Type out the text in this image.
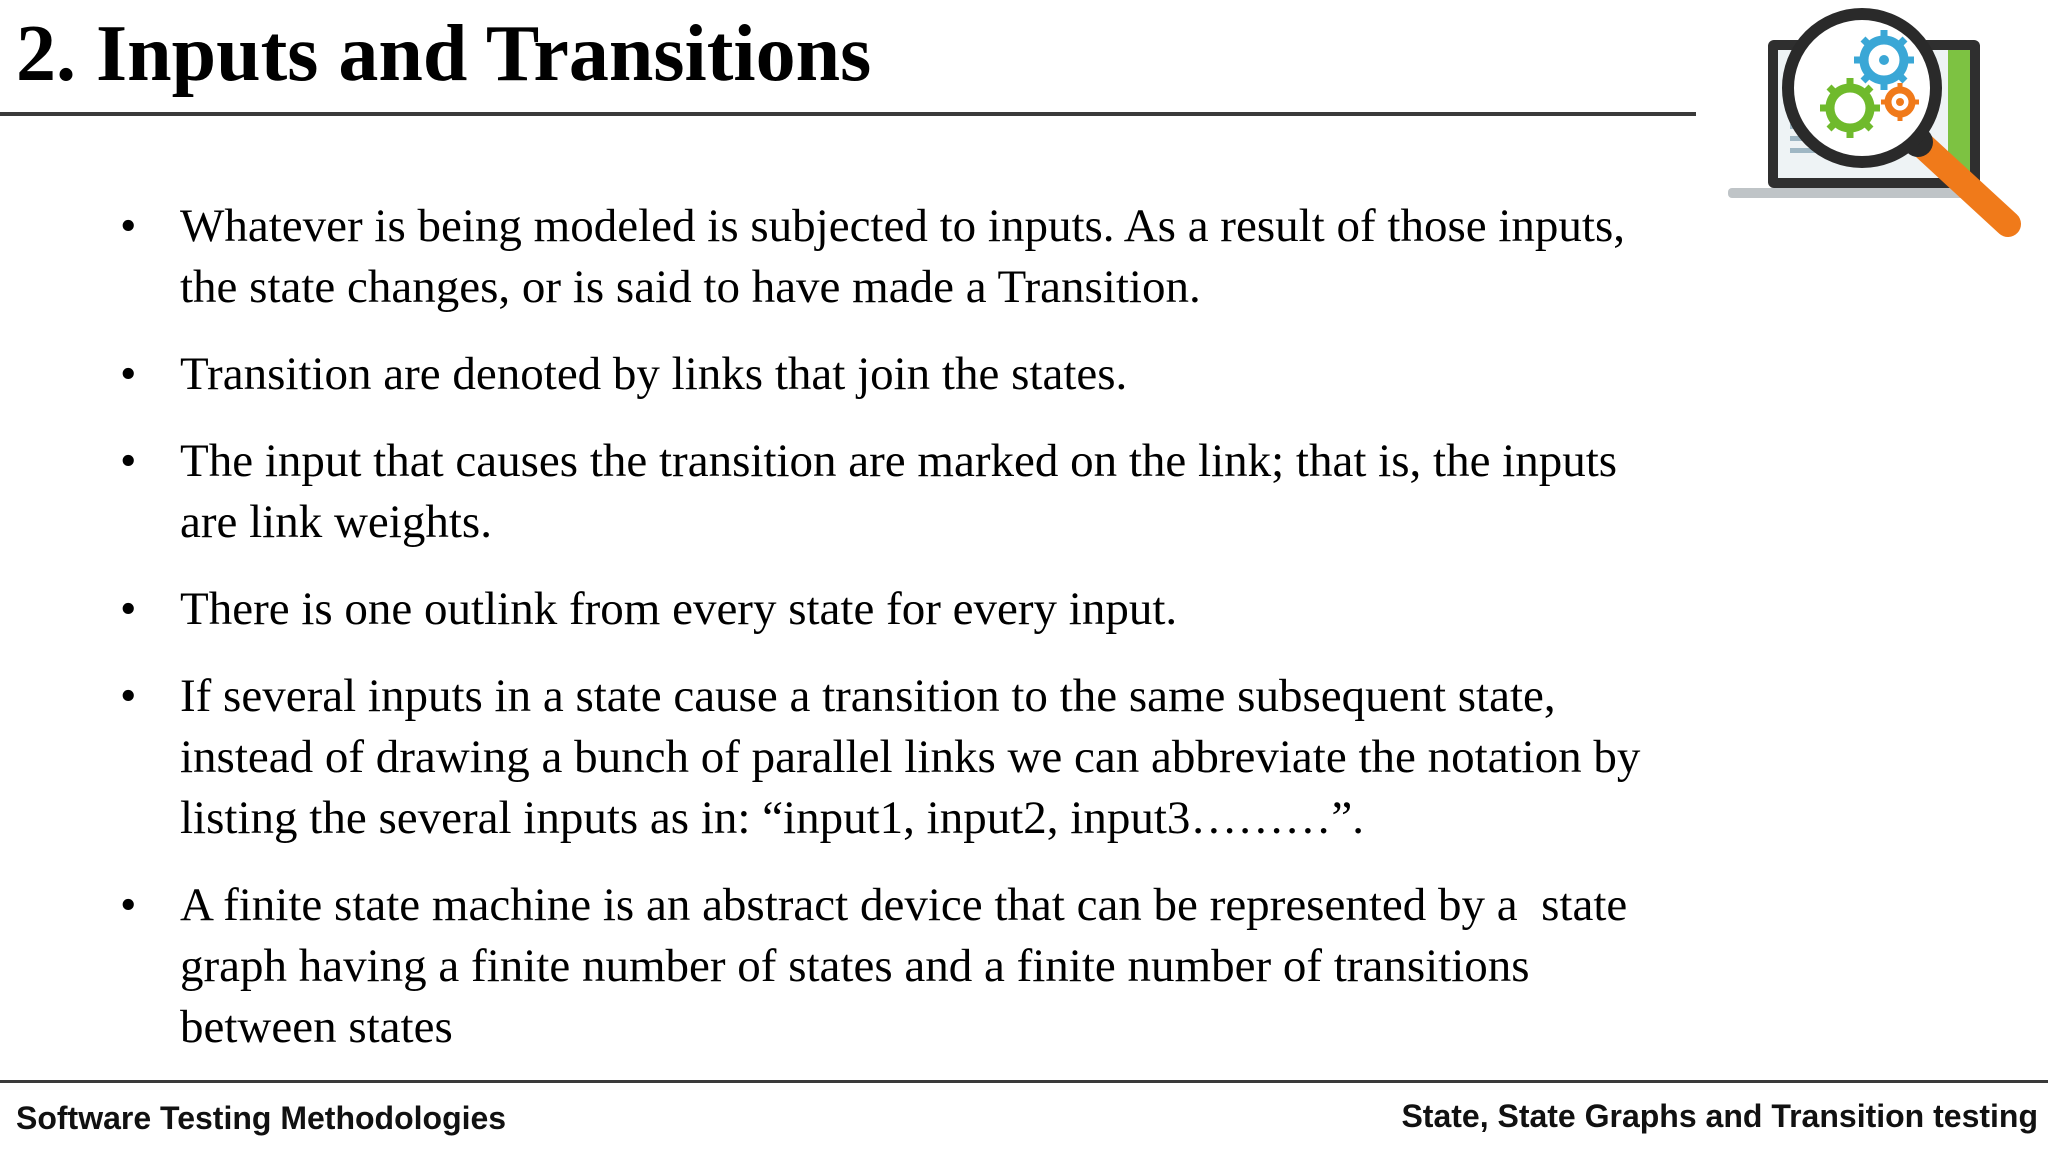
2. Inputs and Transitions
• Whatever is being modeled is subjected to inputs. As a result of those inputs,
the state changes, or is said to have made a Transition.
• Transition are denoted by links that join the states.
• The input that causes the transition are marked on the link; that is, the inputs
are link weights.
• There is one outlink from every state for every input.
• If several inputs in a state cause a transition to the same subsequent state,
instead of drawing a bunch of parallel links we can abbreviate the notation by
listing the several inputs as in: “input1, input2, input3………”.
• A finite state machine is an abstract device that can be represented by a  state
graph having a finite number of states and a finite number of transitions
between states
Software Testing Methodologies	State, State Graphs and Transition testing
